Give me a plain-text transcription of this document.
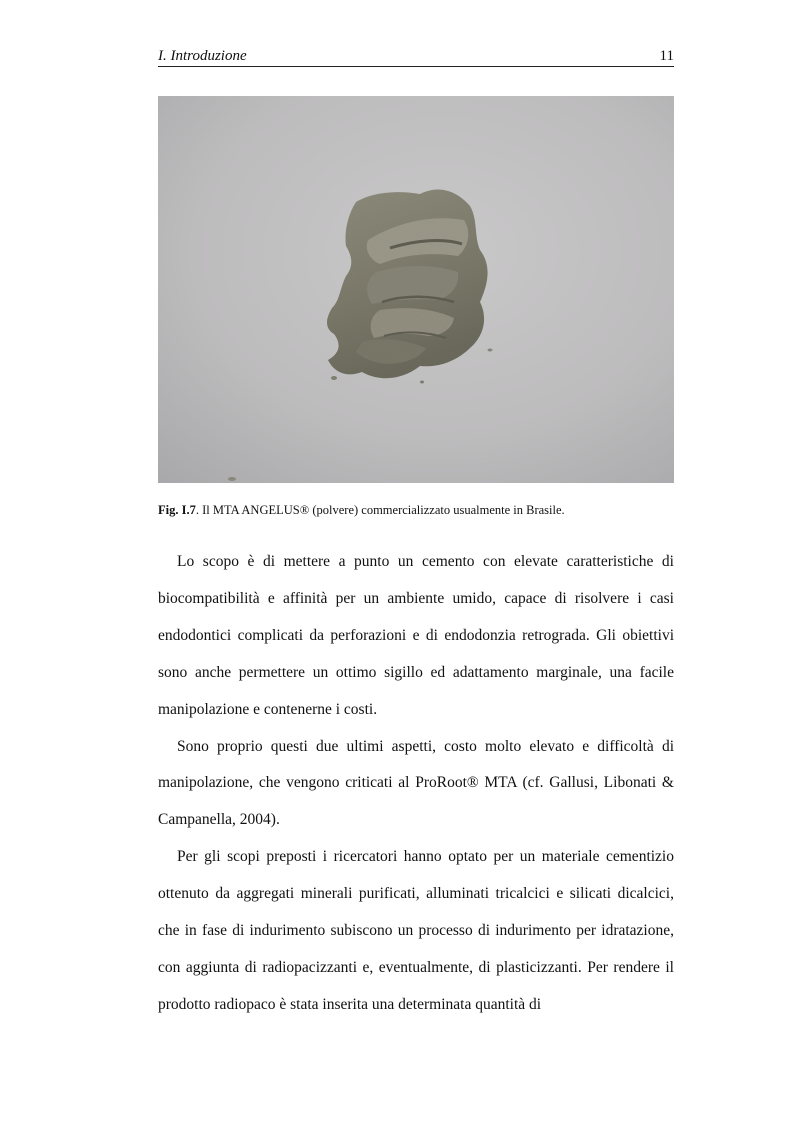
I. Introduzione	11
Fig. I.7. Il MTA ANGELUS® (polvere) commercializzato usualmente in Brasile.

Lo scopo è di mettere a punto un cemento con elevate caratteristiche di biocompatibilità e affinità per un ambiente umido, capace di risolvere i casi endodontici complicati da perforazioni e di endodonzia retrograda. Gli obiettivi sono anche permettere un ottimo sigillo ed adattamento marginale, una facile manipolazione e contenerne i costi.

Sono proprio questi due ultimi aspetti, costo molto elevato e difficoltà di manipolazione, che vengono criticati al ProRoot® MTA (cf. Gallusi, Libonati & Campanella, 2004).

Per gli scopi preposti i ricercatori hanno optato per un materiale cementizio ottenuto da aggregati minerali purificati, alluminati tricalcici e silicati dicalcici, che in fase di indurimento subiscono un processo di indurimento per idratazione, con aggiunta di radiopacizzanti e, eventualmente, di plasticizzanti. Per rendere il prodotto radiopaco è stata inserita una determinata quantità di
